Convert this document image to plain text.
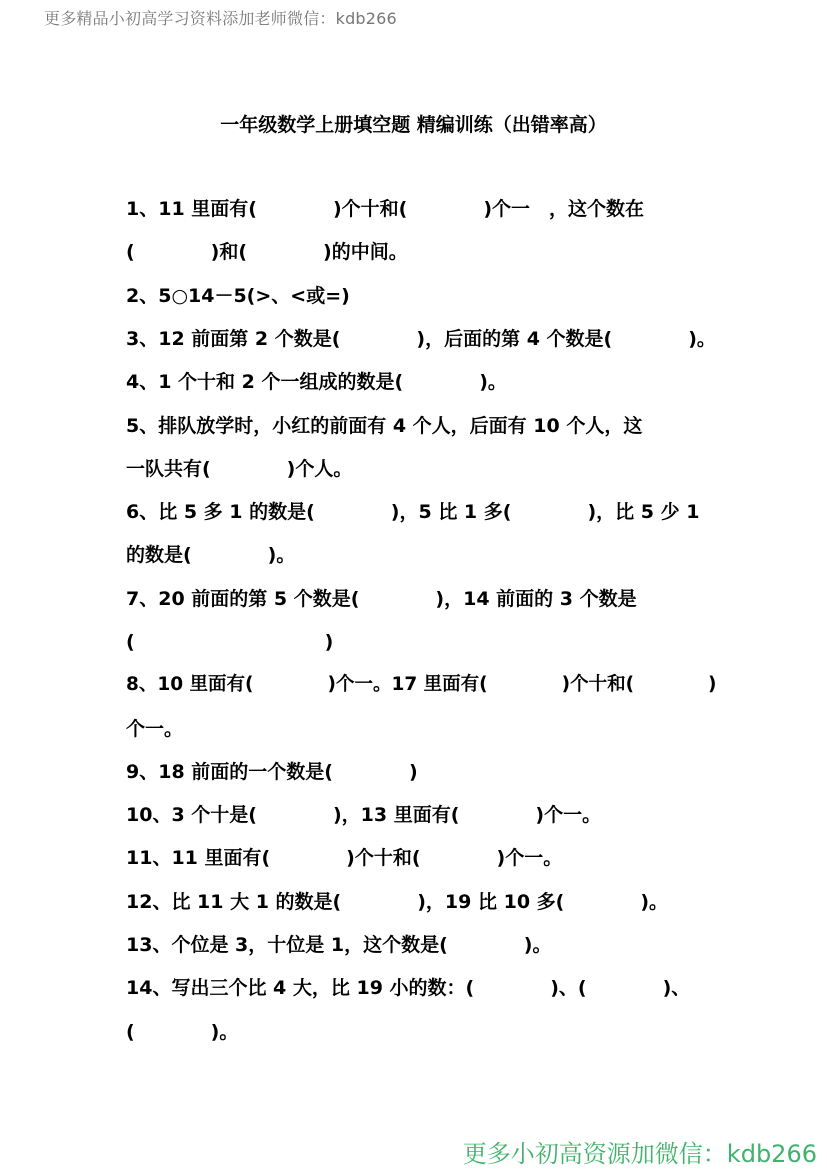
更多精品小初高学习资料添加老师微信：kdb266
一年级数学上册填空题 精编训练（出错率高）
1、11 里面有(　　　　)个十和(　　　　)个一　，这个数在
(　　　　)和(　　　　)的中间。
2、5○14－5(>、<或=)
3、12 前面第 2 个数是(　　　　)，后面的第 4 个数是(　　　　)。
4、1 个十和 2 个一组成的数是(　　　　)。
5、排队放学时，小红的前面有 4 个人，后面有 10 个人，这
一队共有(　　　　)个人。
6、比 5 多 1 的数是(　　　　)，5 比 1 多(　　　　)，比 5 少 1
的数是(　　　　)。
7、20 前面的第 5 个数是(　　　　)，14 前面的 3 个数是
(　　　　　　　　　　)
8、10 里面有(　　　　)个一。17 里面有(　　　　)个十和(　　　　)
个一。
9、18 前面的一个数是(　　　　)
10、3 个十是(　　　　)，13 里面有(　　　　)个一。
11、11 里面有(　　　　)个十和(　　　　)个一。
12、比 11 大 1 的数是(　　　　)，19 比 10 多(　　　　)。
13、个位是 3，十位是 1，这个数是(　　　　)。
14、写出三个比 4 大，比 19 小的数：(　　　　)、(　　　　)、
(　　　　)。
更多小初高资源加微信：kdb266
